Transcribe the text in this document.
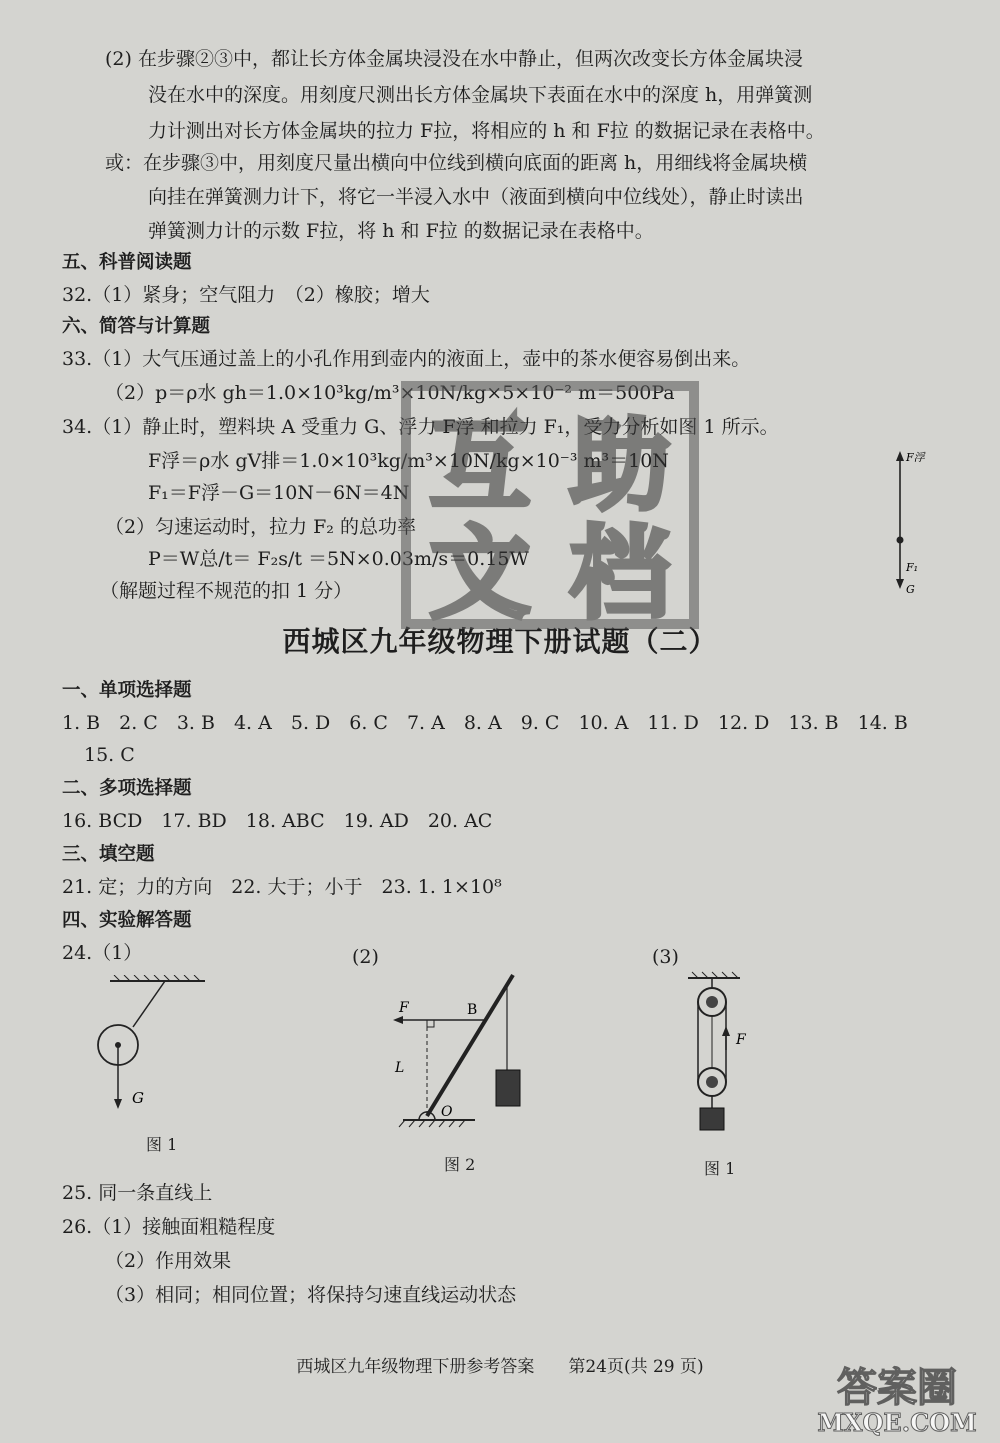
(2) 在步骤②③中，都让长方体金属块浸没在水中静止，但两次改变长方体金属块浸
没在水中的深度。用刻度尺测出长方体金属块下表面在水中的深度 h，用弹簧测
力计测出对长方体金属块的拉力 F拉，将相应的 h 和 F拉 的数据记录在表格中。
或：在步骤③中，用刻度尺量出横向中位线到横向底面的距离 h，用细线将金属块横
向挂在弹簧测力计下，将它一半浸入水中（液面到横向中位线处），静止时读出
弹簧测力计的示数 F拉，将 h 和 F拉 的数据记录在表格中。
五、科普阅读题
32.（1）紧身；空气阻力　（2）橡胶；增大
六、简答与计算题
33.（1）大气压通过盖上的小孔作用到壶内的液面上，壶中的茶水便容易倒出来。
（2）p＝ρ水 gh＝1.0×10³kg/m³×10N/kg×5×10⁻² m＝500Pa
34.（1）静止时，塑料块 A 受重力 G、浮力 F浮 和拉力 F₁，受力分析如图 1 所示。
F浮＝ρ水 gV排＝1.0×10³kg/m³×10N/kg×10⁻³ m³＝10N
F₁＝F浮－G＝10N－6N＝4N
（2）匀速运动时，拉力 F₂ 的总功率
P＝W总/t＝ F₂s/t ＝5N×0.03m/s＝0.15W
（解题过程不规范的扣 1 分）
F浮
F₁
G
西城区九年级物理下册试题（二）
一、单项选择题
1. B　2. C　3. B　4. A　5. D　6. C　7. A　8. A　9. C　10. A　11. D　12. D　13. B　14. B
15. C
二、多项选择题
16. BCD　17. BD　18. ABC　19. AD　20. AC
三、填空题
21. 定；力的方向　22. 大于；小于　23. 1. 1×10⁸
四、实验解答题
24.（1）	(2)	(3)
G
图 1
F	B
L
O
图 2
F
图 1
25. 同一条直线上
26.（1）接触面粗糙程度
（2）作用效果
（3）相同；相同位置；将保持匀速直线运动状态
西城区九年级物理下册参考答案　　第24页(共 29 页)
互 助
文 档
答案圈
MXQE.COM
